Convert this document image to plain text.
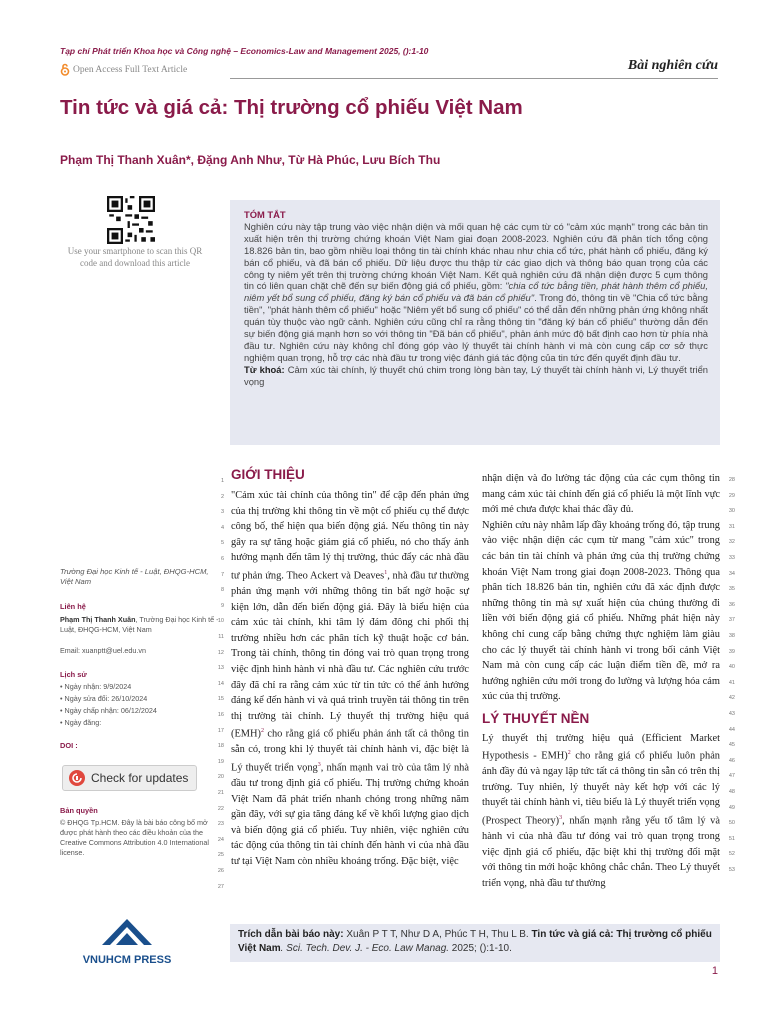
Tạp chí Phát triển Khoa học và Công nghệ – Economics-Law and Management 2025, ():1-10
Open Access Full Text Article	Bài nghiên cứu
Tin tức và giá cả: Thị trường cổ phiếu Việt Nam
Phạm Thị Thanh Xuân*, Đặng Anh Như, Từ Hà Phúc, Lưu Bích Thu
Use your smartphone to scan this QR code and download this article
TÓM TẮT
Nghiên cứu này tập trung vào việc nhận diện và mối quan hệ các cụm từ có "cảm xúc mạnh" trong các bản tin xuất hiện trên thị trường chứng khoán Việt Nam giai đoạn 2008-2023. Nghiên cứu đã phân tích tổng cộng 18.826 bản tin, bao gồm nhiều loại thông tin tài chính khác nhau như chia cổ tức, phát hành cổ phiếu, đăng ký bán cổ phiếu, và đã bán cổ phiếu. Dữ liệu được thu thập từ các giao dịch và thông báo quan trọng của các công ty niêm yết trên thị trường chứng khoán Việt Nam. Kết quả nghiên cứu đã nhận diện được 5 cụm thông tin có liên quan chặt chẽ đến sự biến động giá cổ phiếu, gồm: "chia cổ tức bằng tiền, phát hành thêm cổ phiếu, niêm yết bổ sung cổ phiếu, đăng ký bán cổ phiếu và đã bán cổ phiếu". Trong đó, thông tin về "Chia cổ tức bằng tiền", "phát hành thêm cổ phiếu" hoặc "Niêm yết bổ sung cổ phiếu" có thể dẫn đến những phản ứng không nhất quán tùy thuộc vào ngữ cảnh. Nghiên cứu cũng chỉ ra rằng thông tin "đăng ký bán cổ phiếu" thường dẫn đến sự biến động giá mạnh hơn so với thông tin "Đã bán cổ phiếu", phản ánh mức độ bất định cao hơn từ phía nhà đầu tư. Nghiên cứu này không chỉ đóng góp vào lý thuyết tài chính hành vi mà còn cung cấp cơ sở thực nghiệm quan trọng, hỗ trợ các nhà đầu tư trong việc đánh giá tác động của tin tức đến quyết định đầu tư.
Từ khoá: Cảm xúc tài chính, lý thuyết chú chim trong lòng bàn tay, Lý thuyết tài chính hành vi, Lý thuyết triển vọng
Trường Đại học Kinh tế - Luật, ĐHQG-HCM, Việt Nam
Liên hệ
Phạm Thị Thanh Xuân, Trường Đại học Kinh tế - Luật, ĐHQG-HCM, Việt Nam
Email: xuanptt@uel.edu.vn
Lịch sử
• Ngày nhận: 9/9/2024
• Ngày sửa đổi: 26/10/2024
• Ngày chấp nhận: 06/12/2024
• Ngày đăng:
DOI :
Check for updates
Bản quyền
© ĐHQG Tp.HCM. Đây là bài báo công bố mở được phát hành theo các điều khoản của the Creative Commons Attribution 4.0 International license.
VNUHCM PRESS
GIỚI THIỆU
"Cảm xúc tài chính của thông tin" để cập đến phản ứng của thị trường khi thông tin về một cổ phiếu cụ thể được công bố, thể hiện qua biến động giá. Nếu thông tin này gây ra sự tăng hoặc giảm giá cổ phiếu, nó cho thấy ảnh hưởng mạnh đến tâm lý thị trường, thúc đẩy các nhà đầu tư phản ứng. Theo Ackert và Deaves$^1$, nhà đầu tư thường phản ứng mạnh với những thông tin bất ngờ hoặc sự kiện lớn, dẫn đến biến động giá. Đây là biểu hiện của cảm xúc tài chính, khi tâm lý đám đông chi phối thị trường nhiều hơn các phân tích kỹ thuật hoặc cơ bản. Trong tài chính, thông tin đóng vai trò quan trọng trong việc định hình hành vi nhà đầu tư. Các nghiên cứu trước đây đã chỉ ra rằng cảm xúc từ tin tức có thể ảnh hưởng đáng kể đến hành vi và quá trình truyền tải thông tin trên thị trường tài chính. Lý thuyết thị trường hiệu quả (EMH)$^2$ cho rằng giá cổ phiếu phản ánh tất cả thông tin sẵn có, trong khi lý thuyết tài chính hành vi, đặc biệt là Lý thuyết triển vọng$^3$, nhấn mạnh vai trò của tâm lý nhà đầu tư trong định giá cổ phiếu. Thị trường chứng khoán Việt Nam đã phát triển nhanh chóng trong những năm gần đây, với sự gia tăng đáng kể về khối lượng giao dịch và biến động giá cổ phiếu. Tuy nhiên, việc nghiên cứu tác động của thông tin tài chính đến hành vi của nhà đầu tư tại Việt Nam còn nhiều khoảng trống. Đặc biệt, việc
nhận diện và đo lường tác động của các cụm thông tin mang cảm xúc tài chính đến giá cổ phiếu là một lĩnh vực mới mẻ chưa được khai thác đầy đủ.
Nghiên cứu này nhằm lấp đầy khoảng trống đó, tập trung vào việc nhận diện các cụm từ mang "cảm xúc" trong các bản tin tài chính và phản ứng của thị trường chứng khoán Việt Nam trong giai đoạn 2008-2023. Thông qua phân tích 18.826 bản tin, nghiên cứu đã xác định được những thông tin mà sự xuất hiện của chúng thường đi liền với biến động giá cổ phiếu. Những phát hiện này không chỉ cung cấp bằng chứng thực nghiệm làm giàu cho các lý thuyết tài chính hành vi trong bối cảnh Việt Nam mà còn cung cấp các luận điểm tiền đề, mở ra hướng nghiên cứu mới trong đo lường và lượng hóa cảm xúc của thị trường.
LÝ THUYẾT NỀN
Lý thuyết thị trường hiệu quả (Efficient Market Hypothesis - EMH)$^2$ cho rằng giá cổ phiếu luôn phản ánh đầy đủ và ngay lập tức tất cả thông tin sẵn có trên thị trường. Tuy nhiên, lý thuyết này kết hợp với các lý thuyết tài chính hành vi, tiêu biểu là Lý thuyết triển vọng (Prospect Theory)$^3$, nhấn mạnh rằng yếu tố tâm lý và hành vi của nhà đầu tư đóng vai trò quan trọng trong việc định giá cổ phiếu, đặc biệt khi thị trường đối mặt với thông tin mới hoặc không chắc chắn. Theo Lý thuyết triển vọng, nhà đầu tư thường
1
2
3
4
5
6
7
8
9
10
11
12
13
14
15
16
17
18
19
20
21
22
23
24
25
26
27
28
29
30
31
32
33
34
35
36
37
38
39
40
41
42
43
44
45
46
47
48
49
50
51
52
53
Trích dẫn bài báo này: Xuân P T T, Như D A, Phúc T H, Thu L B. Tin tức và giá cả: Thị trường cổ phiếu Việt Nam. Sci. Tech. Dev. J. - Eco. Law Manag. 2025; ():1-10.
1
